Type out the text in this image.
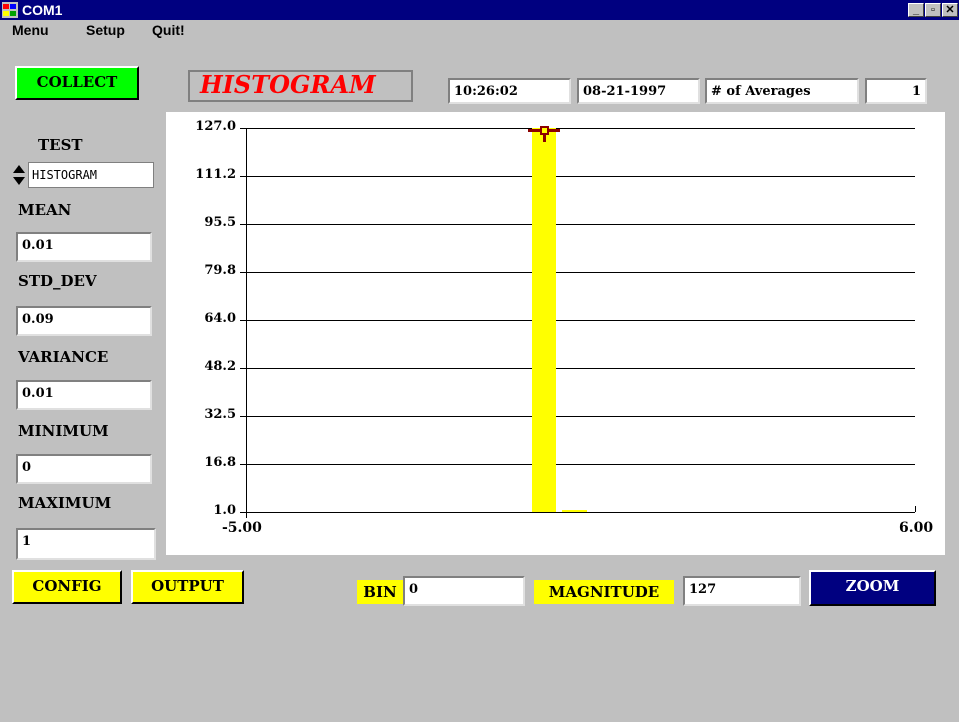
COM1	_	▫ ✕
Menu	Setup Quit!
COLLECT	HISTOGRAM	10:26:02	08-21-1997	# of Averages	1
TEST
HISTOGRAM
MEAN
0.01
STD_DEV
0.09
VARIANCE
0.01
MINIMUM
0
MAXIMUM
1
127.0
111.2
95.5
79.8
64.0
48.2
32.5
16.8
1.0
-5.00	6.00
CONFIG	OUTPUT	BIN 0	MAGNITUDE	127	ZOOM
